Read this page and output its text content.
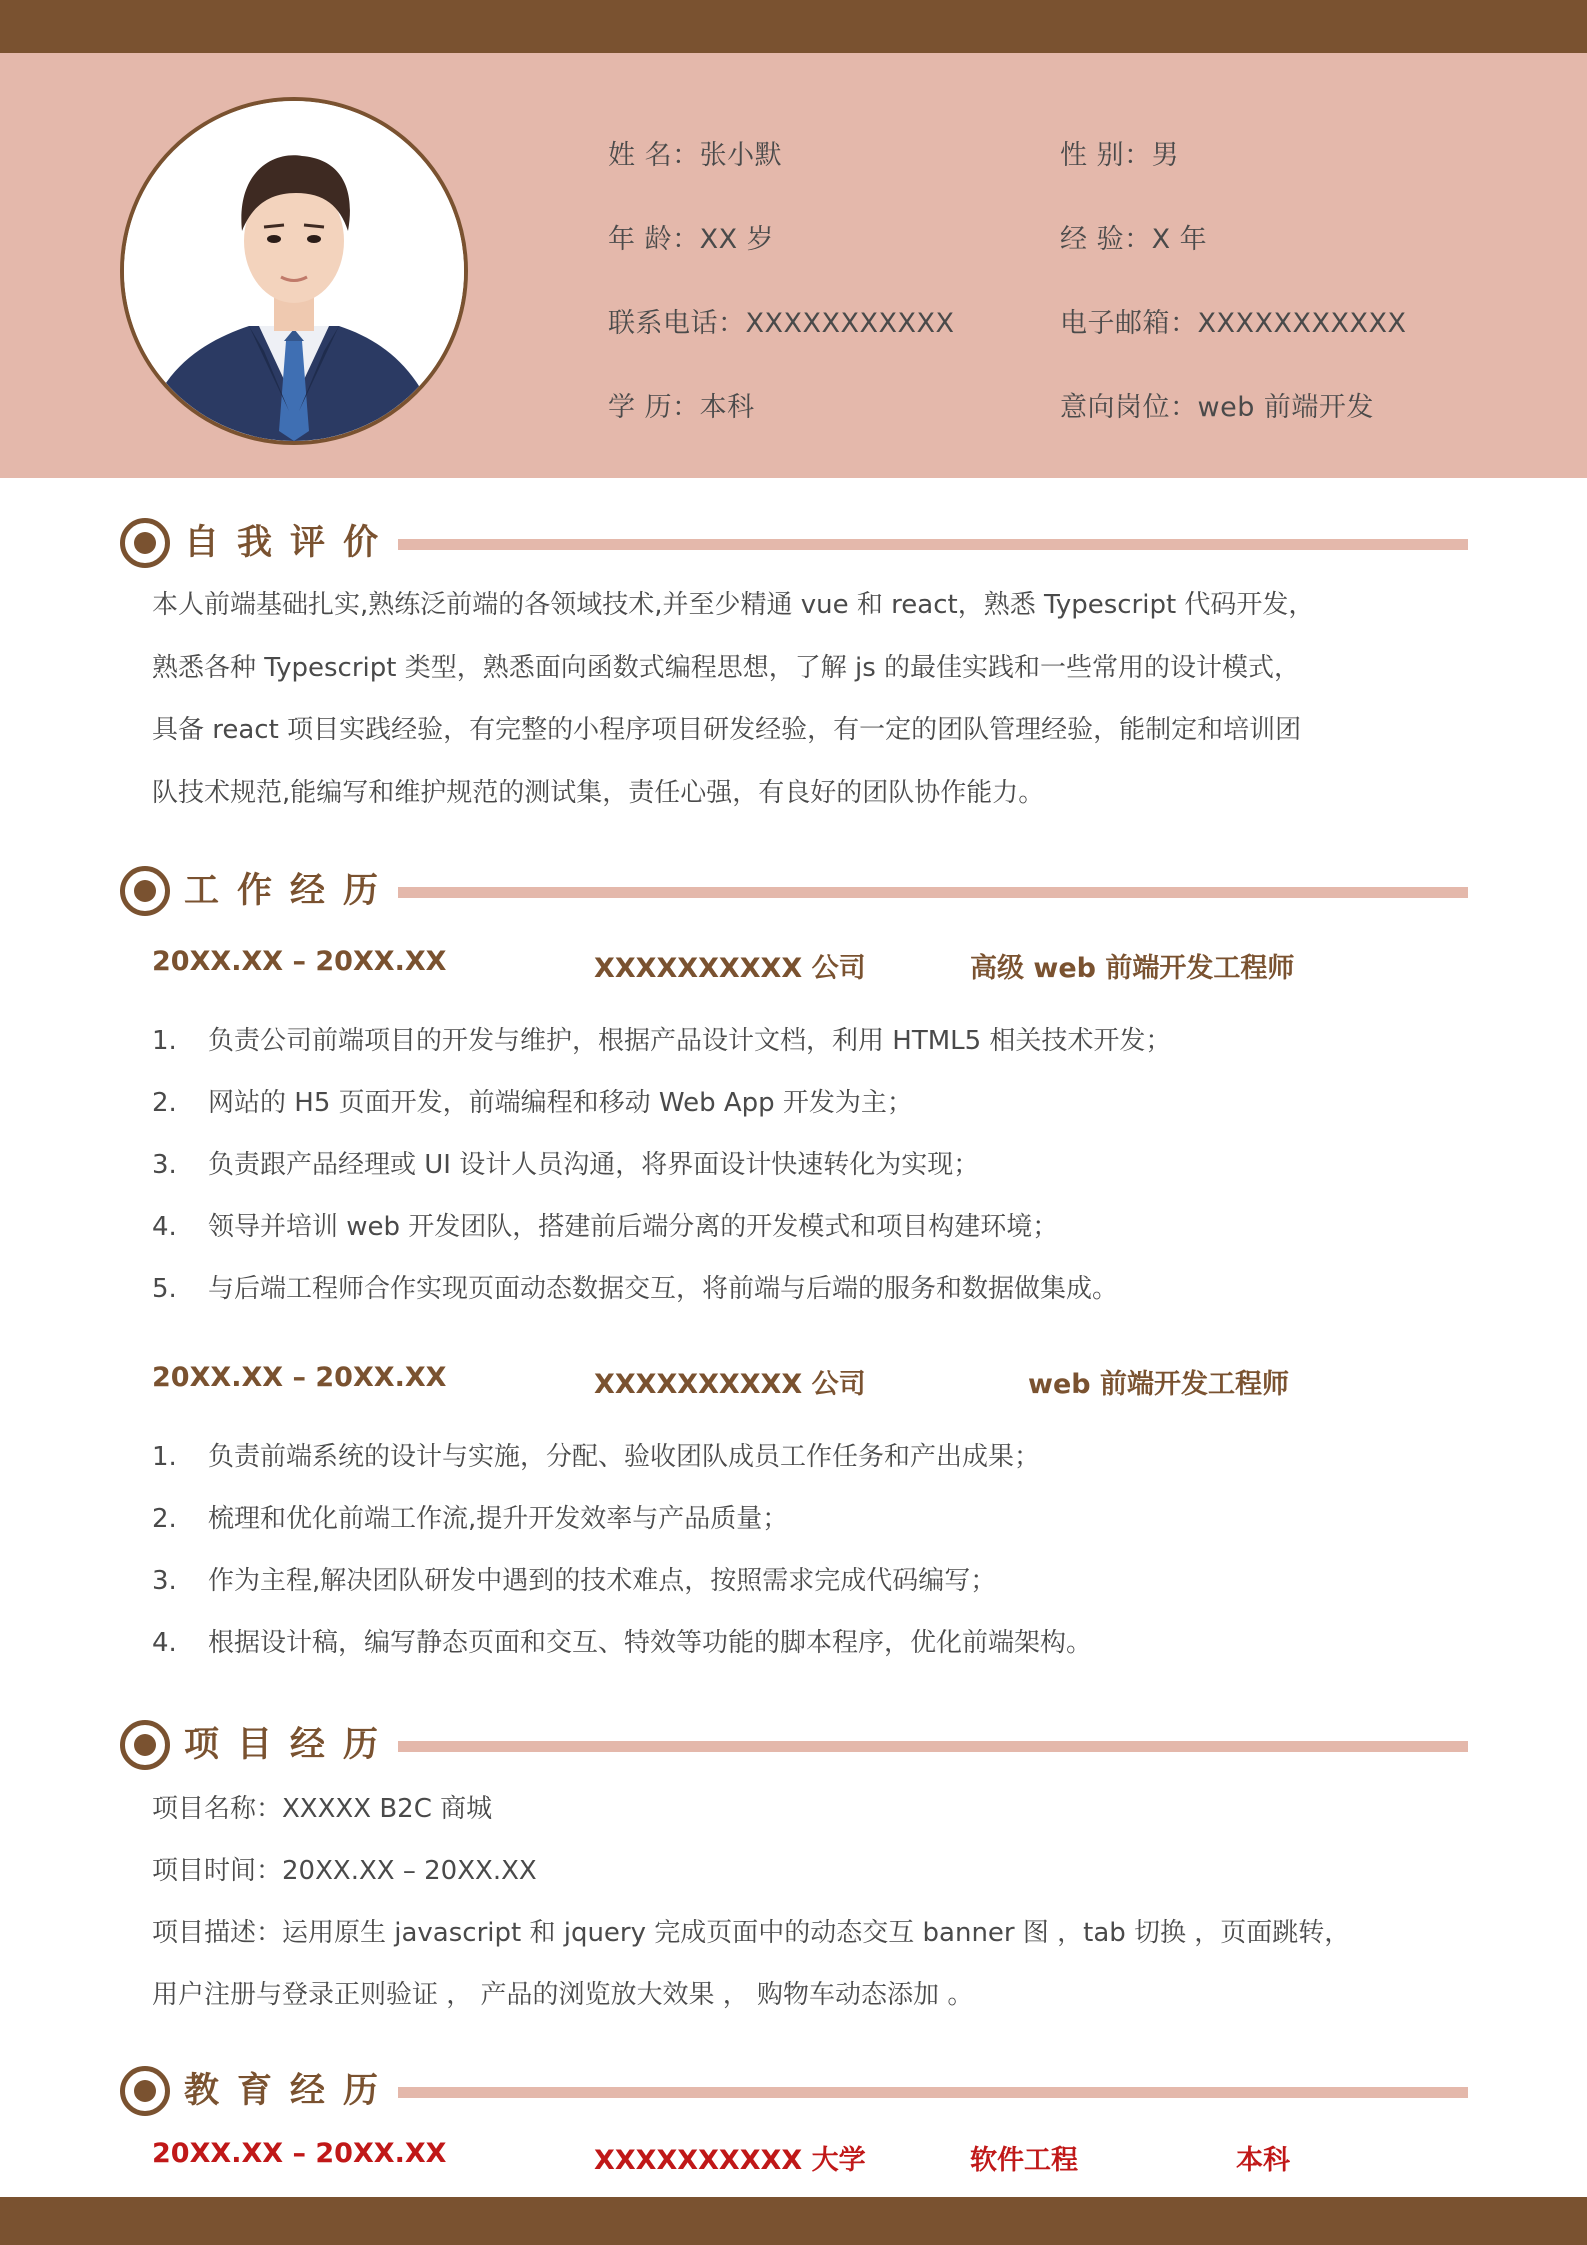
姓 名：张小默	性 别：男
年 龄：XX 岁	经 验：X 年
联系电话：XXXXXXXXXXX	电子邮箱：XXXXXXXXXXX
学 历：本科	意向岗位：web 前端开发
自我评价
本人前端基础扎实,熟练泛前端的各领域技术,并至少精通 vue 和 react，熟悉 Typescript 代码开发，
熟悉各种 Typescript 类型，熟悉面向函数式编程思想，了解 js 的最佳实践和一些常用的设计模式，
具备 react 项目实践经验，有完整的小程序项目研发经验，有一定的团队管理经验，能制定和培训团
队技术规范,能编写和维护规范的测试集，责任心强，有良好的团队协作能力。
工作经历
20XX.XX – 20XX.XX	XXXXXXXXXX 公司	高级 web 前端开发工程师
1. 负责公司前端项目的开发与维护，根据产品设计文档，利用 HTML5 相关技术开发；
2. 网站的 H5 页面开发，前端编程和移动 Web App 开发为主；
3. 负责跟产品经理或 UI 设计人员沟通，将界面设计快速转化为实现；
4. 领导并培训 web 开发团队，搭建前后端分离的开发模式和项目构建环境；
5. 与后端工程师合作实现页面动态数据交互，将前端与后端的服务和数据做集成。
20XX.XX – 20XX.XX	XXXXXXXXXX 公司	web 前端开发工程师
1. 负责前端系统的设计与实施，分配、验收团队成员工作任务和产出成果；
2. 梳理和优化前端工作流,提升开发效率与产品质量；
3. 作为主程,解决团队研发中遇到的技术难点，按照需求完成代码编写；
4. 根据设计稿，编写静态页面和交互、特效等功能的脚本程序，优化前端架构。
项目经历
项目名称：XXXXX B2C 商城
项目时间：20XX.XX – 20XX.XX
项目描述：运用原生 javascript 和 jquery 完成页面中的动态交互 banner 图 ，tab 切换 ，页面跳转，
用户注册与登录正则验证 ， 产品的浏览放大效果 ， 购物车动态添加 。
教育经历
20XX.XX – 20XX.XX	XXXXXXXXXX 大学	软件工程	本科
